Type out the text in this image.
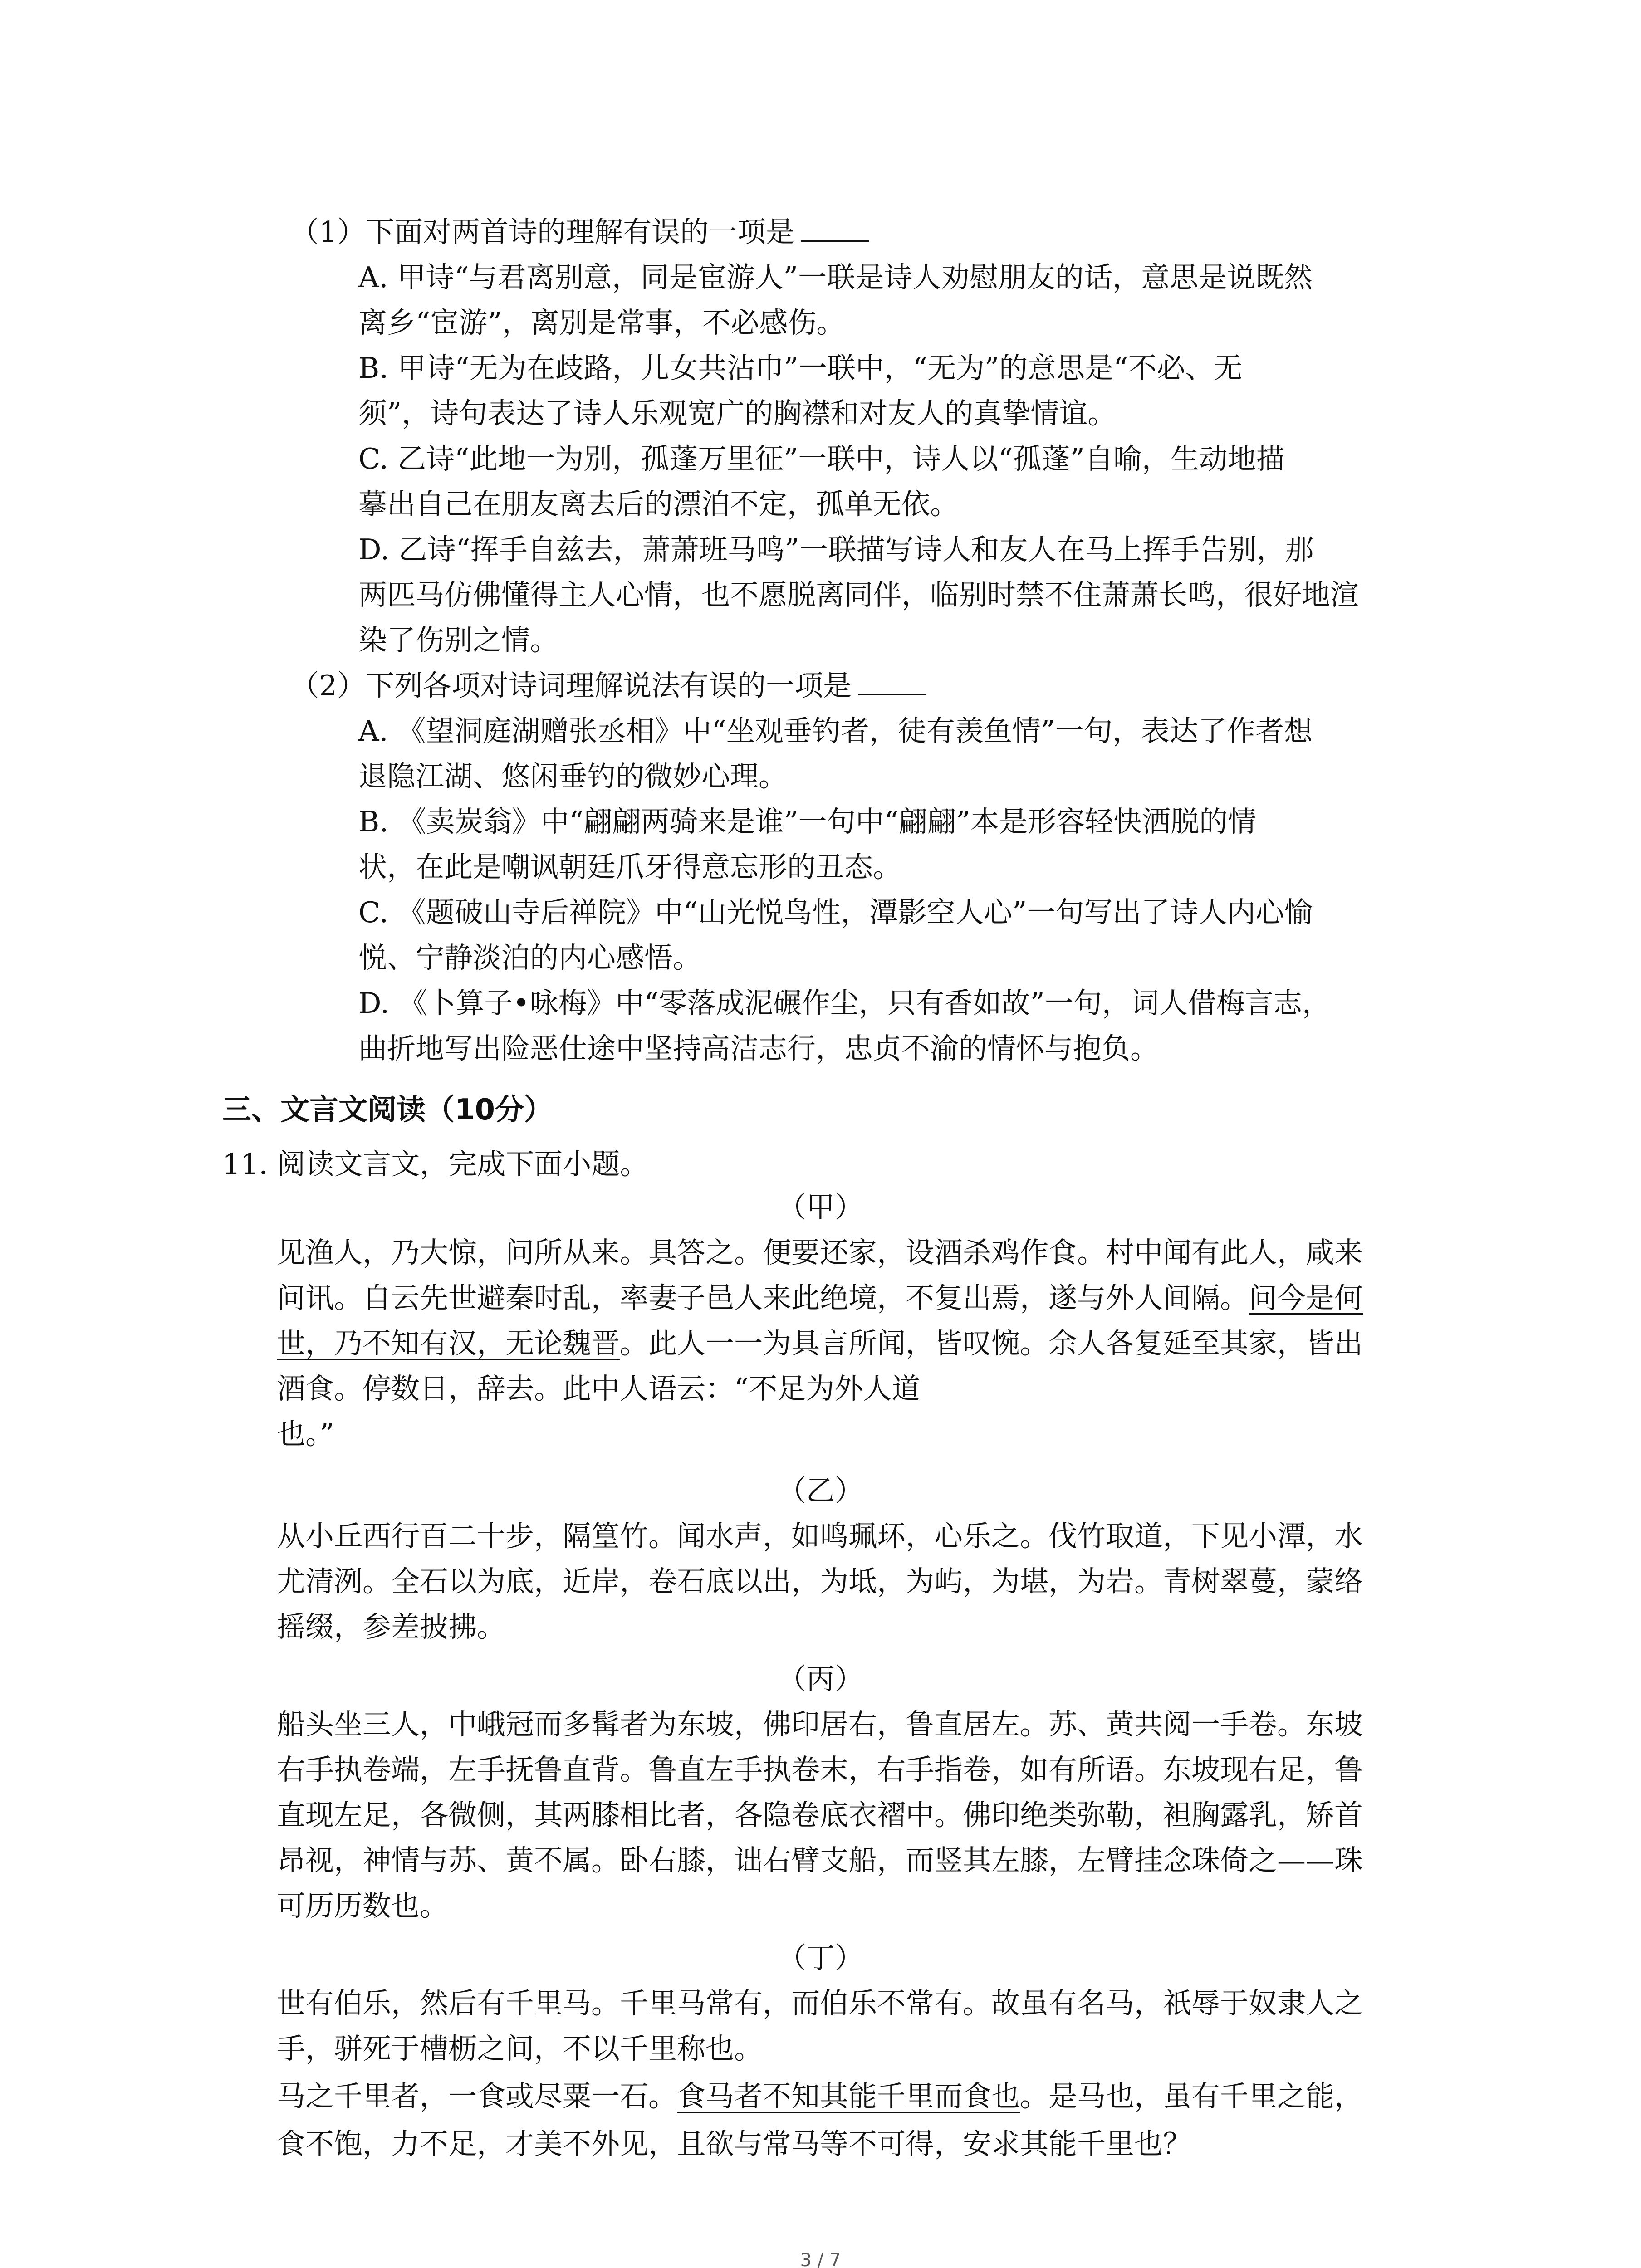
（1）下面对两首诗的理解有误的一项是

A. 甲诗“与君离别意，同是宦游人”一联是诗人劝慰朋友的话，意思是说既然

离乡“宦游”，离别是常事，不必感伤。

B. 甲诗“无为在歧路，儿女共沾巾”一联中，“无为”的意思是“不必、无

须”，诗句表达了诗人乐观宽广的胸襟和对友人的真挚情谊。

C. 乙诗“此地一为别，孤蓬万里征”一联中，诗人以“孤蓬”自喻，生动地描

摹出自己在朋友离去后的漂泊不定，孤单无依。

D. 乙诗“挥手自兹去，萧萧班马鸣”一联描写诗人和友人在马上挥手告别，那

两匹马仿佛懂得主人心情，也不愿脱离同伴，临别时禁不住萧萧长鸣，很好地渲

染了伤别之情。

（2）下列各项对诗词理解说法有误的一项是

A. 《望洞庭湖赠张丞相》中“坐观垂钓者，徒有羡鱼情”一句，表达了作者想

退隐江湖、悠闲垂钓的微妙心理。

B. 《卖炭翁》中“翩翩两骑来是谁”一句中“翩翩”本是形容轻快洒脱的情

状，在此是嘲讽朝廷爪牙得意忘形的丑态。

C. 《题破山寺后禅院》中“山光悦鸟性，潭影空人心”一句写出了诗人内心愉

悦、宁静淡泊的内心感悟。

D. 《卜算子•咏梅》中“零落成泥碾作尘，只有香如故”一句，词人借梅言志，

曲折地写出险恶仕途中坚持高洁志行，忠贞不渝的情怀与抱负。

三、文言文阅读（10分）

11. 阅读文言文，完成下面小题。

（甲）

见渔人，乃大惊，问所从来。具答之。便要还家，设酒杀鸡作食。村中闻有此人，咸来

问讯。自云先世避秦时乱，率妻子邑人来此绝境，不复出焉，遂与外人间隔。问今是何

世，乃不知有汉，无论魏晋。此人一一为具言所闻，皆叹惋。余人各复延至其家，皆出

酒食。停数日，辞去。此中人语云：“不足为外人道

也。”

（乙）

从小丘西行百二十步，隔篁竹。闻水声，如鸣珮环，心乐之。伐竹取道，下见小潭，水

尤清洌。全石以为底，近岸，卷石底以出，为坻，为屿，为堪，为岩。青树翠蔓，蒙络

摇缀，参差披拂。

（丙）

船头坐三人，中峨冠而多髯者为东坡，佛印居右，鲁直居左。苏、黄共阅一手卷。东坡

右手执卷端，左手抚鲁直背。鲁直左手执卷末，右手指卷，如有所语。东坡现右足，鲁

直现左足，各微侧，其两膝相比者，各隐卷底衣褶中。佛印绝类弥勒，袒胸露乳，矫首

昂视，神情与苏、黄不属。卧右膝，诎右臂支船，而竖其左膝，左臂挂念珠倚之——珠

可历历数也。

（丁）

世有伯乐，然后有千里马。千里马常有，而伯乐不常有。故虽有名马，祇辱于奴隶人之

手，骈死于槽枥之间，不以千里称也。

马之千里者，一食或尽粟一石。食马者不知其能千里而食也。是马也，虽有千里之能，

食不饱，力不足，才美不外见，且欲与常马等不可得，安求其能千里也？

3 / 7
